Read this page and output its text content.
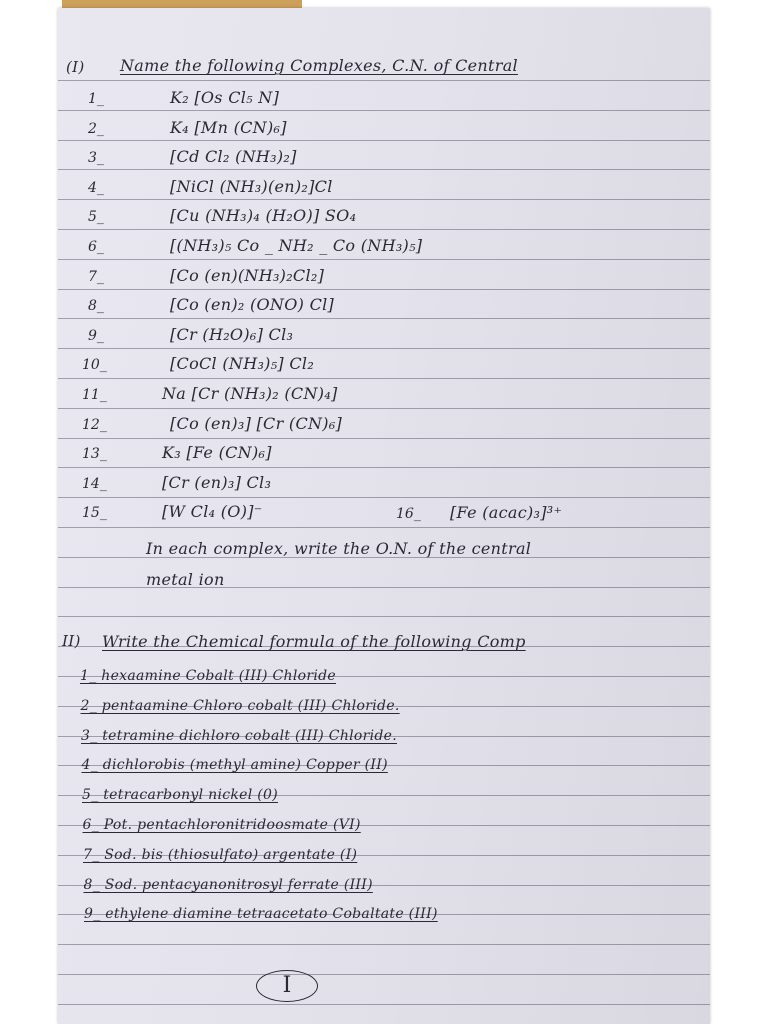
(I) Name the following Complexes, C.N. of Central
1_	K₂ [Os Cl₅ N]
2_	K₄ [Mn (CN)₆]
3_	[Cd Cl₂ (NH₃)₂]
4_	[NiCl (NH₃)(en)₂]Cl
5_	[Cu (NH₃)₄ (H₂O)] SO₄
6_	[(NH₃)₅ Co _ NH₂ _ Co (NH₃)₅]
7_	[Co (en)(NH₃)₂Cl₂]
8_	[Co (en)₂ (ONO) Cl]
9_	[Cr (H₂O)₆] Cl₃
10_	[CoCl (NH₃)₅] Cl₂
11_	Na [Cr (NH₃)₂ (CN)₄]
12_	[Co (en)₃] [Cr (CN)₆]
13_	K₃ [Fe (CN)₆]
14_	[Cr (en)₃] Cl₃
15_	[W Cl₄ (O)]⁻	16_ [Fe (acac)₃]³⁺
In each complex, write the O.N. of the central
metal ion
II) Write the Chemical formula of the following Comp
1_ hexaamine Cobalt (III) Chloride
2_ pentaamine Chloro cobalt (III) Chloride.
3_ tetramine dichloro cobalt (III) Chloride.
4_ dichlorobis (methyl amine) Copper (II)
5_ tetracarbonyl nickel (0)
6_ Pot. pentachloronitridoosmate (VI)
7_ Sod. bis (thiosulfato) argentate (I)
8_ Sod. pentacyanonitrosyl ferrate (III)
9_ ethylene diamine tetraacetato Cobaltate (III)
I
